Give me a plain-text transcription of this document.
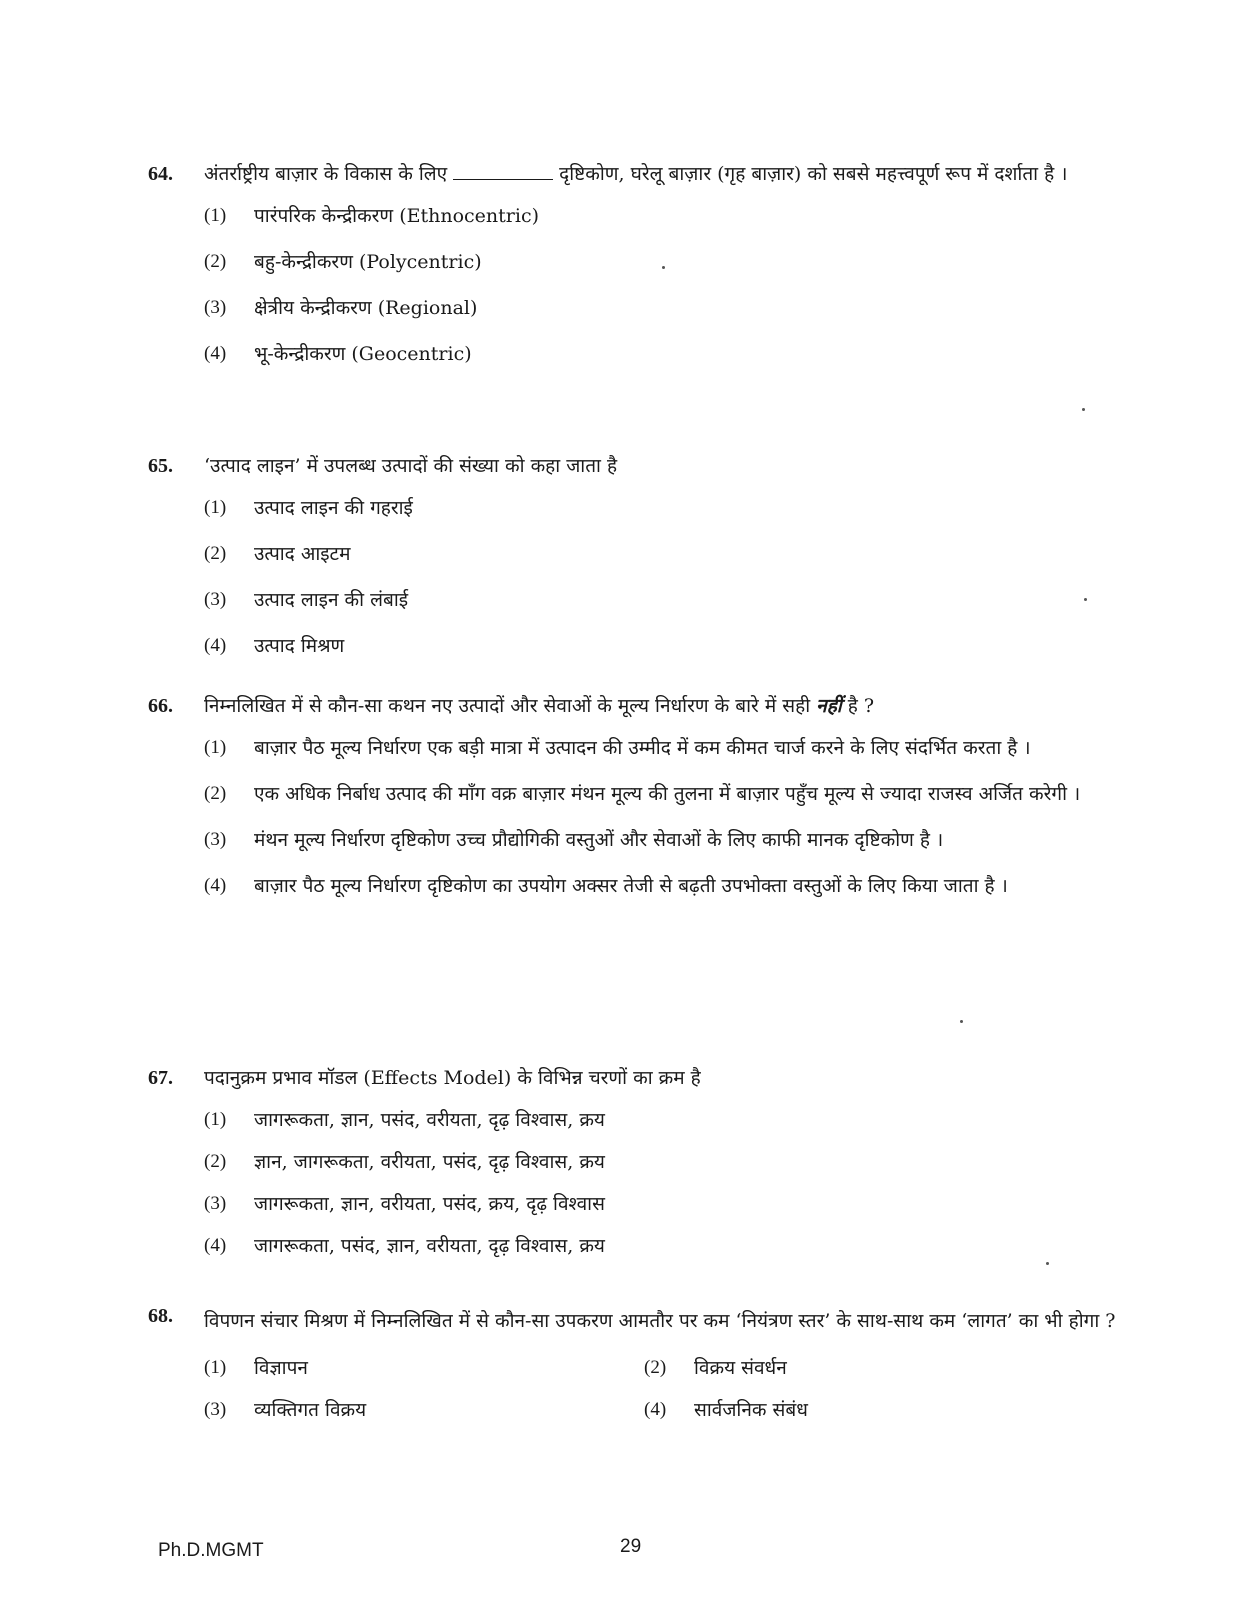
64.	अंतर्राष्ट्रीय बाज़ार के विकास के लिए	दृष्टिकोण, घरेलू बाज़ार (गृह बाज़ार) को सबसे महत्त्वपूर्ण रूप में दर्शाता है ।
(1)	पारंपरिक केन्द्रीकरण (Ethnocentric)
(2)	बहु-केन्द्रीकरण (Polycentric)
(3)	क्षेत्रीय केन्द्रीकरण (Regional)
(4)	भू-केन्द्रीकरण (Geocentric)
65.	‘उत्पाद लाइन’ में उपलब्ध उत्पादों की संख्या को कहा जाता है
(1)	उत्पाद लाइन की गहराई
(2)	उत्पाद आइटम
(3)	उत्पाद लाइन की लंबाई
(4)	उत्पाद मिश्रण
66.	निम्नलिखित में से कौन-सा कथन नए उत्पादों और सेवाओं के मूल्य निर्धारण के बारे में सही नहीं है ?
(1)	बाज़ार पैठ मूल्य निर्धारण एक बड़ी मात्रा में उत्पादन की उम्मीद में कम कीमत चार्ज करने के लिए संदर्भित करता है ।
(2)	एक अधिक निर्बाध उत्पाद की माँग वक्र बाज़ार मंथन मूल्य की तुलना में बाज़ार पहुँच मूल्य से ज्यादा राजस्व अर्जित करेगी ।
(3)	मंथन मूल्य निर्धारण दृष्टिकोण उच्च प्रौद्योगिकी वस्तुओं और सेवाओं के लिए काफी मानक दृष्टिकोण है ।
(4)	बाज़ार पैठ मूल्य निर्धारण दृष्टिकोण का उपयोग अक्सर तेजी से बढ़ती उपभोक्ता वस्तुओं के लिए किया जाता है ।
67.	पदानुक्रम प्रभाव मॉडल (Effects Model) के विभिन्न चरणों का क्रम है
(1)	जागरूकता, ज्ञान, पसंद, वरीयता, दृढ़ विश्वास, क्रय
(2)	ज्ञान, जागरूकता, वरीयता, पसंद, दृढ़ विश्वास, क्रय
(3)	जागरूकता, ज्ञान, वरीयता, पसंद, क्रय, दृढ़ विश्वास
(4)	जागरूकता, पसंद, ज्ञान, वरीयता, दृढ़ विश्वास, क्रय
68.	विपणन संचार मिश्रण में निम्नलिखित में से कौन-सा उपकरण आमतौर पर कम ‘नियंत्रण स्तर’ के साथ-साथ कम ‘लागत’ का भी होगा ?
(1)	विज्ञापन	(2)	विक्रय संवर्धन
(3)	व्यक्तिगत विक्रय	(4)	सार्वजनिक संबंध
Ph.D.MGMT	29
